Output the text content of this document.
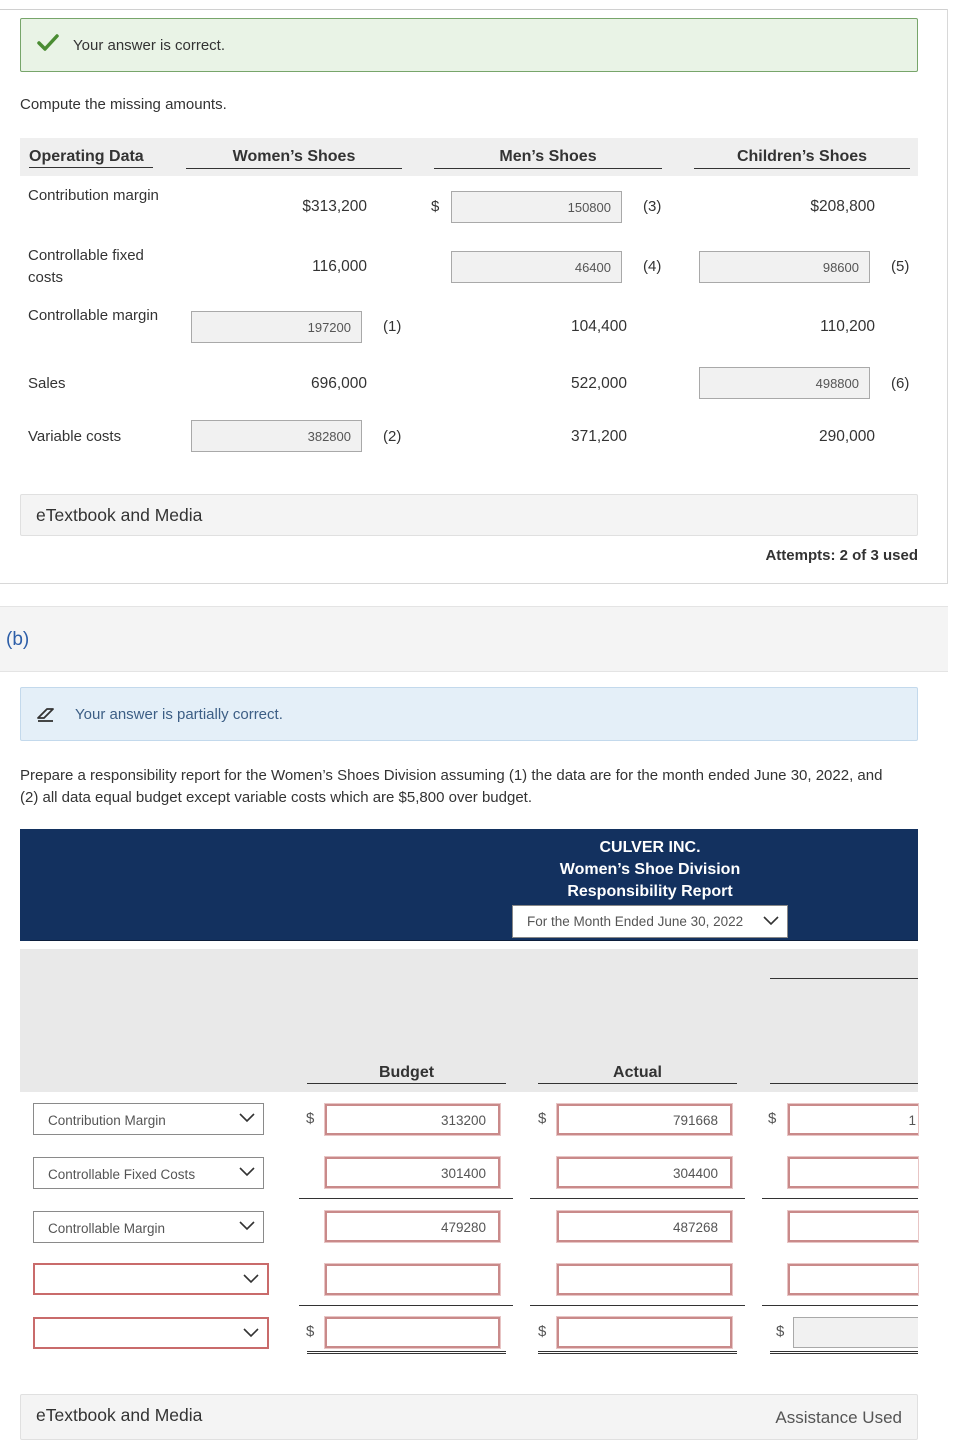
Your answer is correct.
Compute the missing amounts.
Operating Data	Women’s Shoes	Men’s Shoes	Children’s Shoes
Contribution margin
$313,200	$	150800	(3)	$208,800
Controllable fixed costs
116,000	46400	(4)	98600	(5)
Controllable margin
197200	(1)	104,400	110,200
Sales	696,000	522,000	498800	(6)
Variable costs	382800	(2)	371,200	290,000
eTextbook and Media
Attempts: 2 of 3 used
(b)
Your answer is partially correct.
Prepare a responsibility report for the Women’s Shoes Division assuming (1) the data are for the month ended June 30, 2022, and
(2) all data equal budget except variable costs which are $5,800 over budget.
CULVER INC.
Women’s Shoe Division
Responsibility Report
For the Month Ended June 30, 2022
Budget	Actual
Contribution Margin	$	313200	$	791668	$	1
Controllable Fixed Costs	301400	304400
Controllable Margin	479280	487268
$	$	$
eTextbook and Media	Assistance Used
